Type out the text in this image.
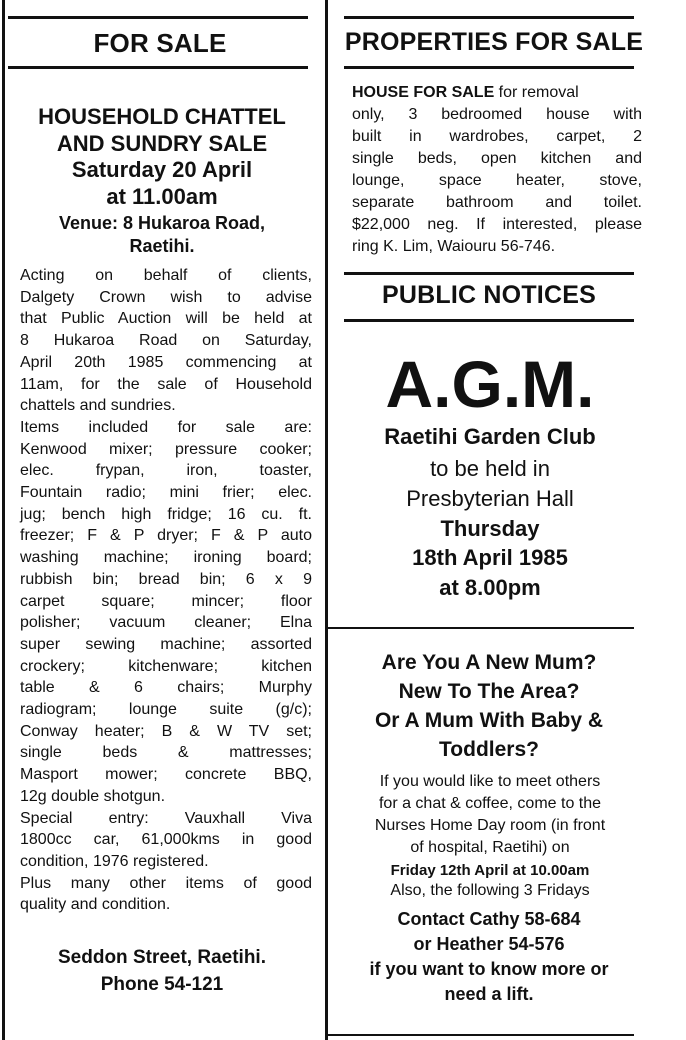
FOR SALE
HOUSEHOLD CHATTEL
AND SUNDRY SALE
Saturday 20 April
at 11.00am
Venue: 8 Hukaroa Road,
Raetihi.
Acting on behalf of clients,
Dalgety Crown wish to advise
that Public Auction will be held at
8 Hukaroa Road on Saturday,
April 20th 1985 commencing at
11am, for the sale of Household
chattels and sundries.
Items included for sale are:
Kenwood mixer; pressure cooker;
elec. frypan, iron, toaster,
Fountain radio; mini frier; elec.
jug; bench high fridge; 16 cu. ft.
freezer; F & P dryer; F & P auto
washing machine; ironing board;
rubbish bin; bread bin; 6 x 9
carpet square; mincer; floor
polisher; vacuum cleaner; Elna
super sewing machine; assorted
crockery; kitchenware; kitchen
table & 6 chairs; Murphy
radiogram; lounge suite (g/c);
Conway heater; B & W TV set;
single beds & mattresses;
Masport mower; concrete BBQ,
12g double shotgun.
Special entry: Vauxhall Viva
1800cc car, 61,000kms in good
condition, 1976 registered.
Plus many other items of good
quality and condition.
Seddon Street, Raetihi.
Phone 54-121
PROPERTIES FOR SALE
HOUSE FOR SALE for removal
only, 3 bedroomed house with
built in wardrobes, carpet, 2
single beds, open kitchen and
lounge, space heater, stove,
separate bathroom and toilet.
$22,000 neg. If interested, please
ring K. Lim, Waiouru 56-746.
PUBLIC NOTICES
A.G.M.
Raetihi Garden Club
to be held in
Presbyterian Hall
Thursday
18th April 1985
at 8.00pm
Are You A New Mum?
New To The Area?
Or A Mum With Baby &
Toddlers?
If you would like to meet others
for a chat & coffee, come to the
Nurses Home Day room (in front
of hospital, Raetihi) on
Friday 12th April at 10.00am
Also, the following 3 Fridays
Contact Cathy 58-684
or Heather 54-576
if you want to know more or
need a lift.
